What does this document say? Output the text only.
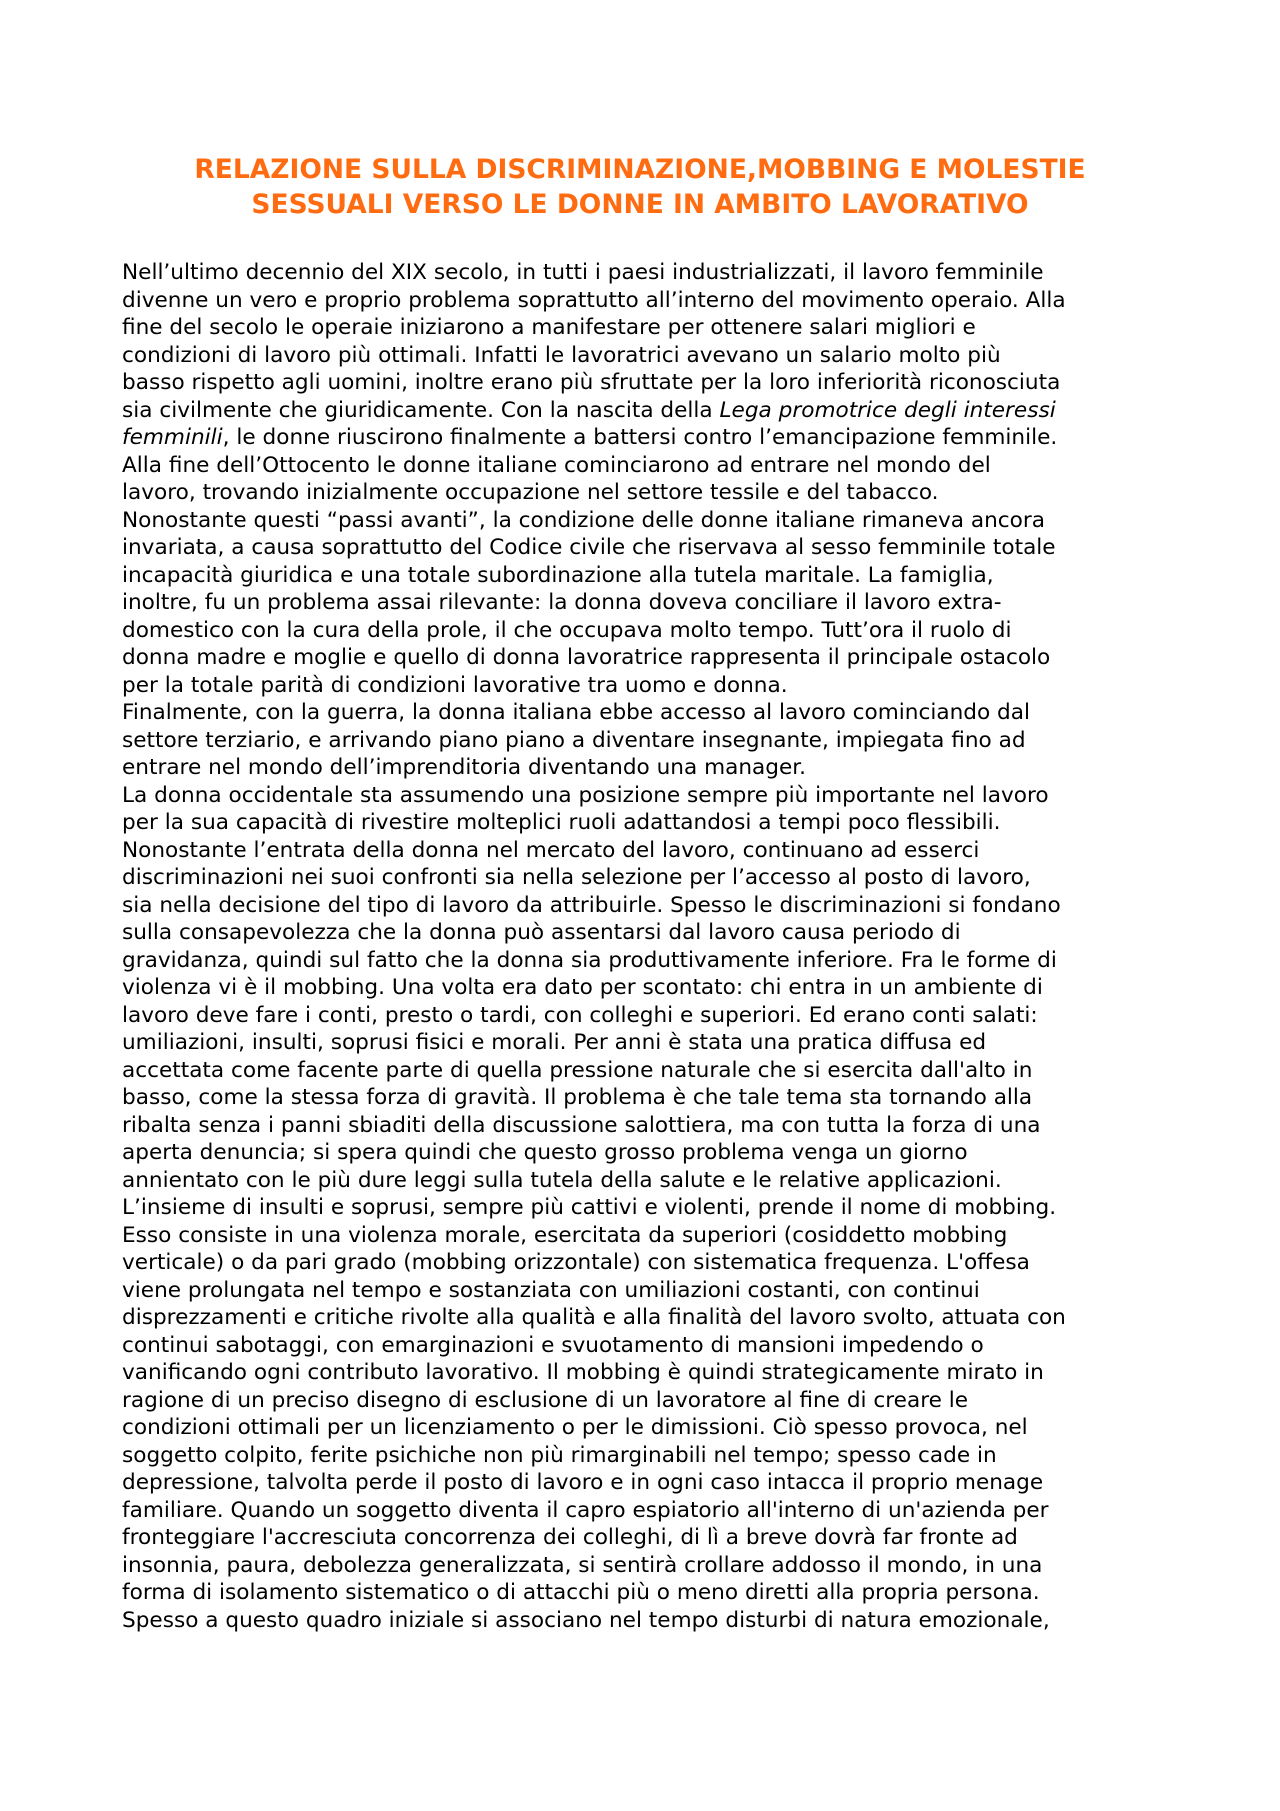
RELAZIONE SULLA DISCRIMINAZIONE,MOBBING E MOLESTIE
SESSUALI VERSO LE DONNE IN AMBITO LAVORATIVO
Nell’ultimo decennio del XIX secolo, in tutti i paesi industrializzati, il lavoro femminile
divenne un vero e proprio problema soprattutto all’interno del movimento operaio. Alla
fine del secolo le operaie iniziarono a manifestare per ottenere salari migliori e
condizioni di lavoro più ottimali. Infatti le lavoratrici avevano un salario molto più
basso rispetto agli uomini, inoltre erano più sfruttate per la loro inferiorità riconosciuta
sia civilmente che giuridicamente. Con la nascita della Lega promotrice degli interessi
femminili, le donne riuscirono finalmente a battersi contro l’emancipazione femminile.
Alla fine dell’Ottocento le donne italiane cominciarono ad entrare nel mondo del
lavoro, trovando inizialmente occupazione nel settore tessile e del tabacco.
Nonostante questi “passi avanti”, la condizione delle donne italiane rimaneva ancora
invariata, a causa soprattutto del Codice civile che riservava al sesso femminile totale
incapacità giuridica e una totale subordinazione alla tutela maritale. La famiglia,
inoltre, fu un problema assai rilevante: la donna doveva conciliare il lavoro extra-
domestico con la cura della prole, il che occupava molto tempo. Tutt’ora il ruolo di
donna madre e moglie e quello di donna lavoratrice rappresenta il principale ostacolo
per la totale parità di condizioni lavorative tra uomo e donna.
Finalmente, con la guerra, la donna italiana ebbe accesso al lavoro cominciando dal
settore terziario, e arrivando piano piano a diventare insegnante, impiegata fino ad
entrare nel mondo dell’imprenditoria diventando una manager.
La donna occidentale sta assumendo una posizione sempre più importante nel lavoro
per la sua capacità di rivestire molteplici ruoli adattandosi a tempi poco flessibili.
Nonostante l’entrata della donna nel mercato del lavoro, continuano ad esserci
discriminazioni nei suoi confronti sia nella selezione per l’accesso al posto di lavoro,
sia nella decisione del tipo di lavoro da attribuirle. Spesso le discriminazioni si fondano
sulla consapevolezza che la donna può assentarsi dal lavoro causa periodo di
gravidanza, quindi sul fatto che la donna sia produttivamente inferiore. Fra le forme di
violenza vi è il mobbing. Una volta era dato per scontato: chi entra in un ambiente di
lavoro deve fare i conti, presto o tardi, con colleghi e superiori. Ed erano conti salati:
umiliazioni, insulti, soprusi fisici e morali. Per anni è stata una pratica diffusa ed
accettata come facente parte di quella pressione naturale che si esercita dall'alto in
basso, come la stessa forza di gravità. Il problema è che tale tema sta tornando alla
ribalta senza i panni sbiaditi della discussione salottiera, ma con tutta la forza di una
aperta denuncia; si spera quindi che questo grosso problema venga un giorno
annientato con le più dure leggi sulla tutela della salute e le relative applicazioni.
L’insieme di insulti e soprusi, sempre più cattivi e violenti, prende il nome di mobbing.
Esso consiste in una violenza morale, esercitata da superiori (cosiddetto mobbing
verticale) o da pari grado (mobbing orizzontale) con sistematica frequenza. L'offesa
viene prolungata nel tempo e sostanziata con umiliazioni costanti, con continui
disprezzamenti e critiche rivolte alla qualità e alla finalità del lavoro svolto, attuata con
continui sabotaggi, con emarginazioni e svuotamento di mansioni impedendo o
vanificando ogni contributo lavorativo. Il mobbing è quindi strategicamente mirato in
ragione di un preciso disegno di esclusione di un lavoratore al fine di creare le
condizioni ottimali per un licenziamento o per le dimissioni. Ciò spesso provoca, nel
soggetto colpito, ferite psichiche non più rimarginabili nel tempo; spesso cade in
depressione, talvolta perde il posto di lavoro e in ogni caso intacca il proprio menage
familiare. Quando un soggetto diventa il capro espiatorio all'interno di un'azienda per
fronteggiare l'accresciuta concorrenza dei colleghi, di lì a breve dovrà far fronte ad
insonnia, paura, debolezza generalizzata, si sentirà crollare addosso il mondo, in una
forma di isolamento sistematico o di attacchi più o meno diretti alla propria persona.
Spesso a questo quadro iniziale si associano nel tempo disturbi di natura emozionale,
